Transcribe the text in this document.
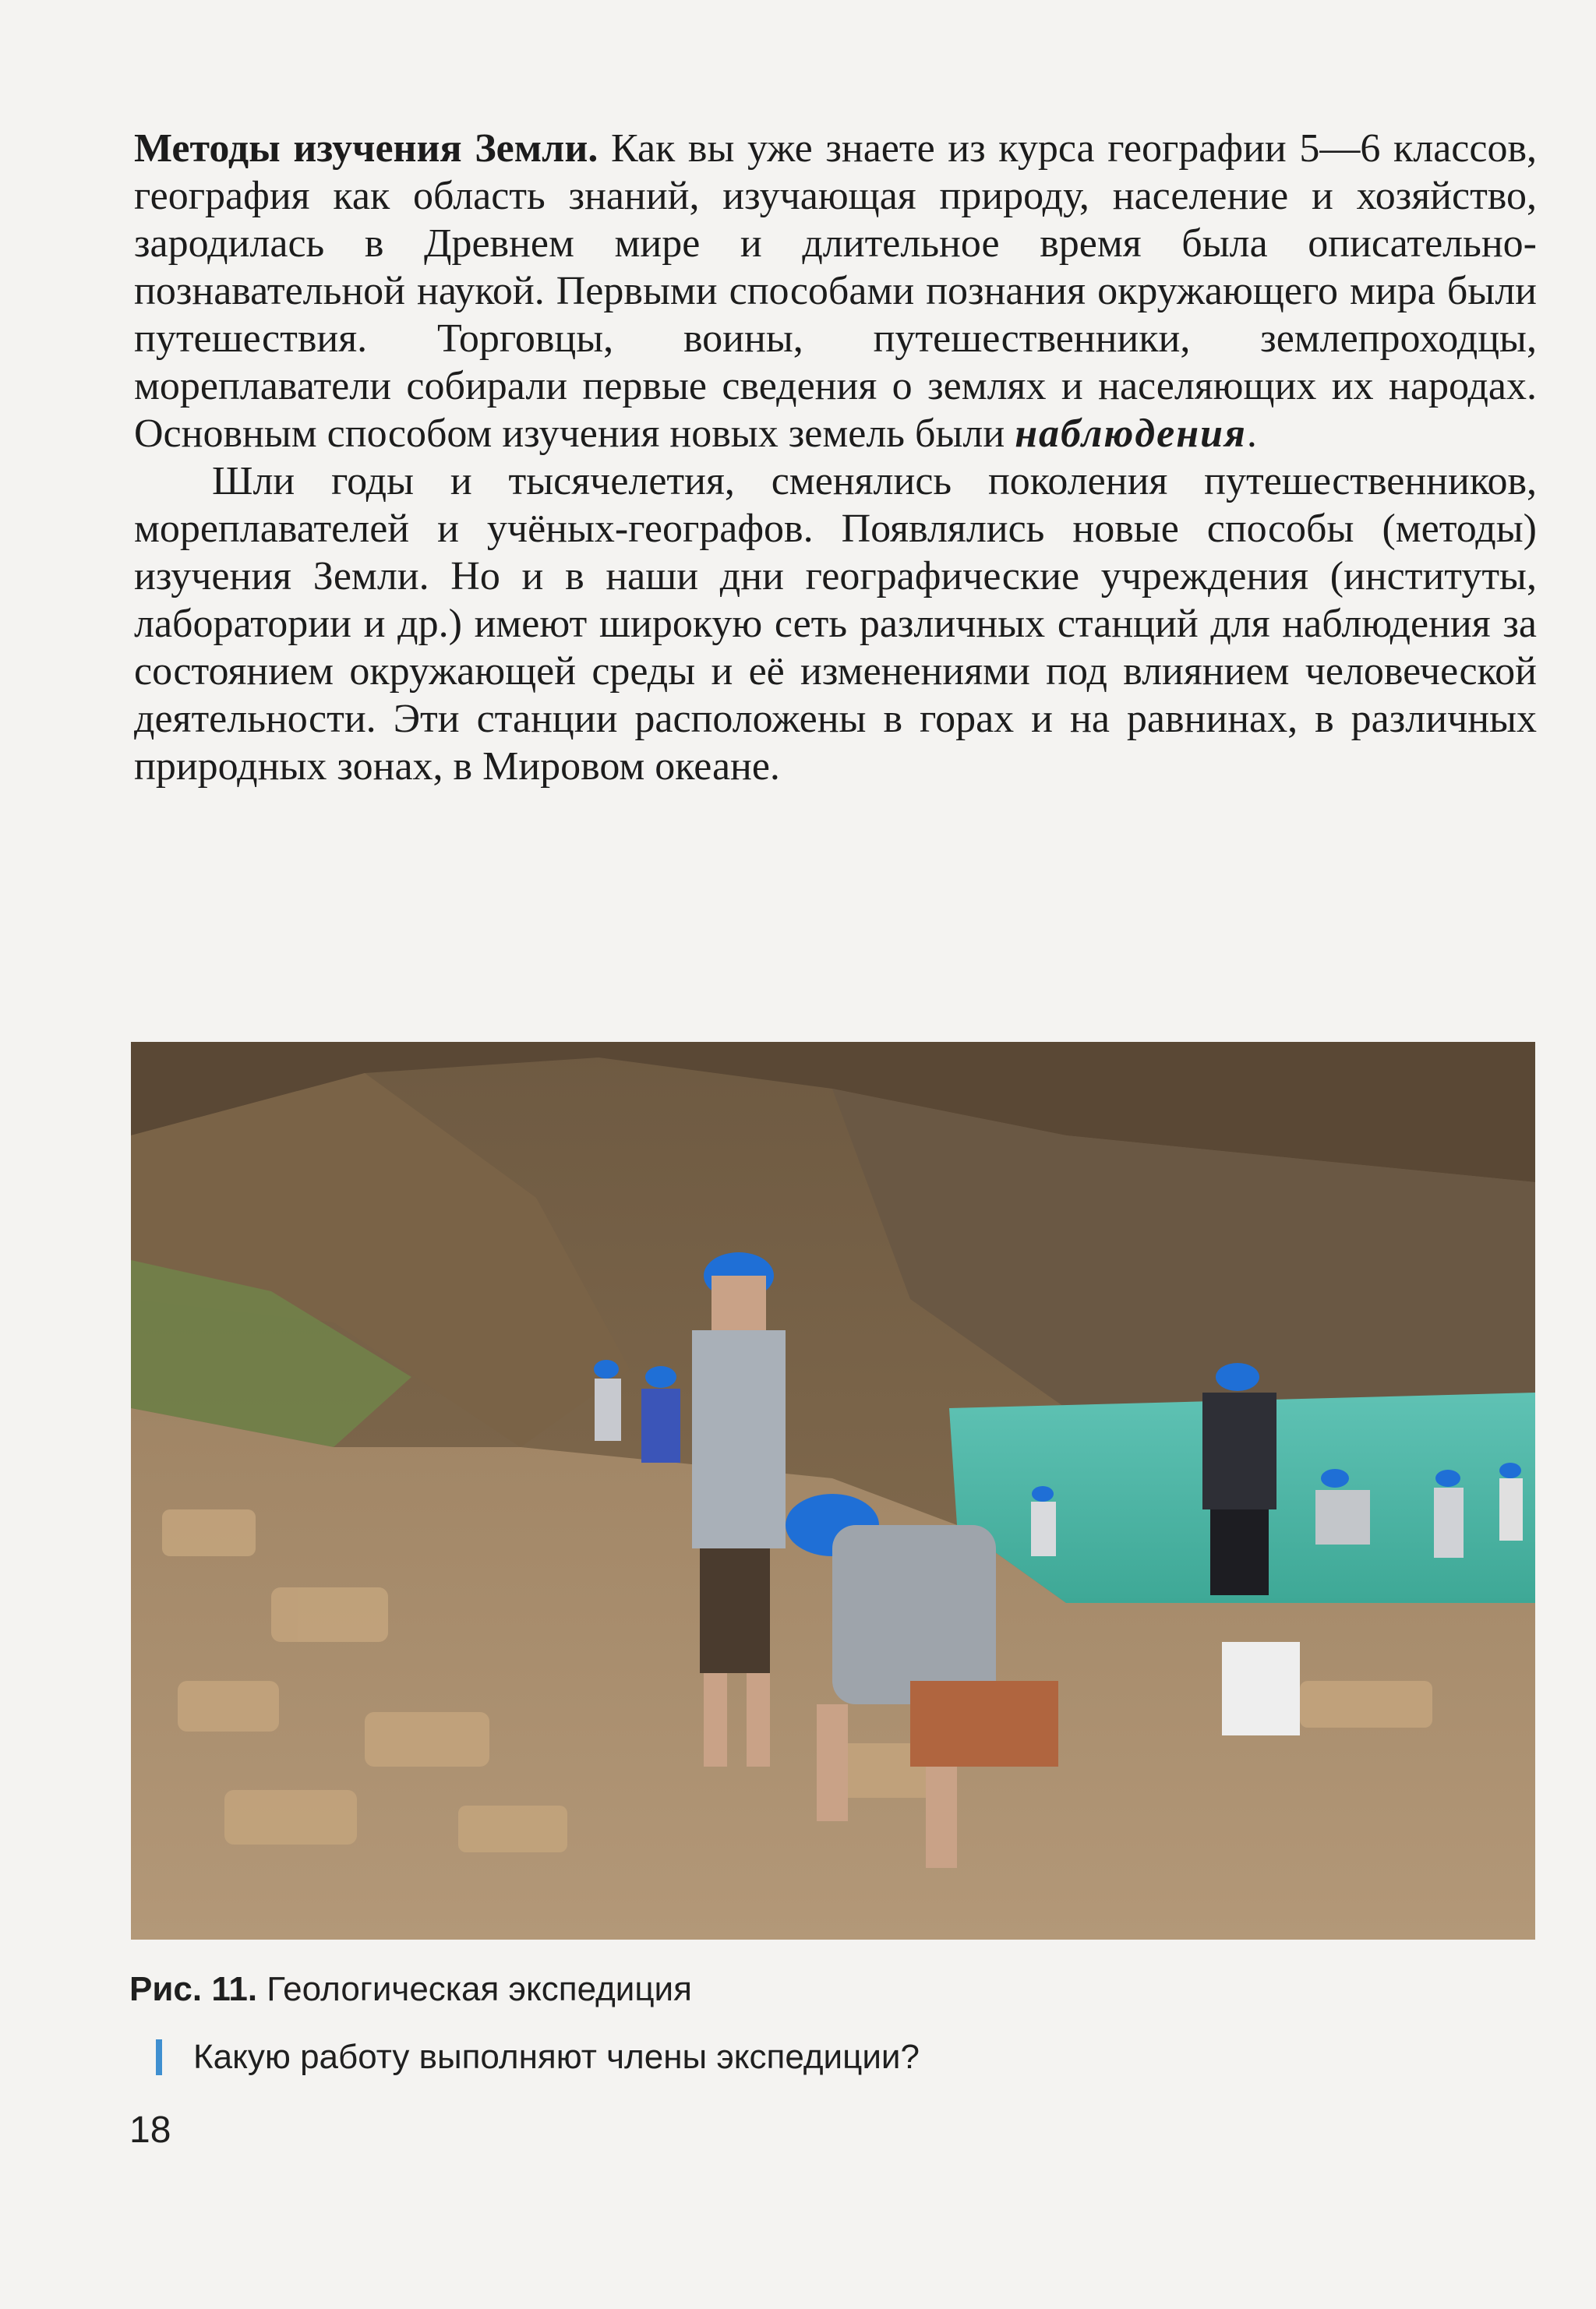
Методы изучения Земли. Как вы уже знаете из курса географии 5—6 классов, география как область знаний, изучающая природу, население и хозяйство, зародилась в Древнем мире и длительное время была описательно-познавательной наукой. Первыми способами познания окружающего мира были путешествия. Торговцы, воины, путешественники, землепроходцы, мореплаватели собирали первые сведения о землях и населяющих их народах. Основным способом изучения новых земель были наблюдения.

Шли годы и тысячелетия, сменялись поколения путешественников, мореплавателей и учёных-географов. Появлялись новые способы (методы) изучения Земли. Но и в наши дни географические учреждения (институты, лаборатории и др.) имеют широкую сеть различных станций для наблюдения за состоянием окружающей среды и её изменениями под влиянием человеческой деятельности. Эти станции расположены в горах и на равнинах, в различных природных зонах, в Мировом океане.

Рис. 11. Геологическая экспедиция
Какую работу выполняют члены экспедиции?
18
